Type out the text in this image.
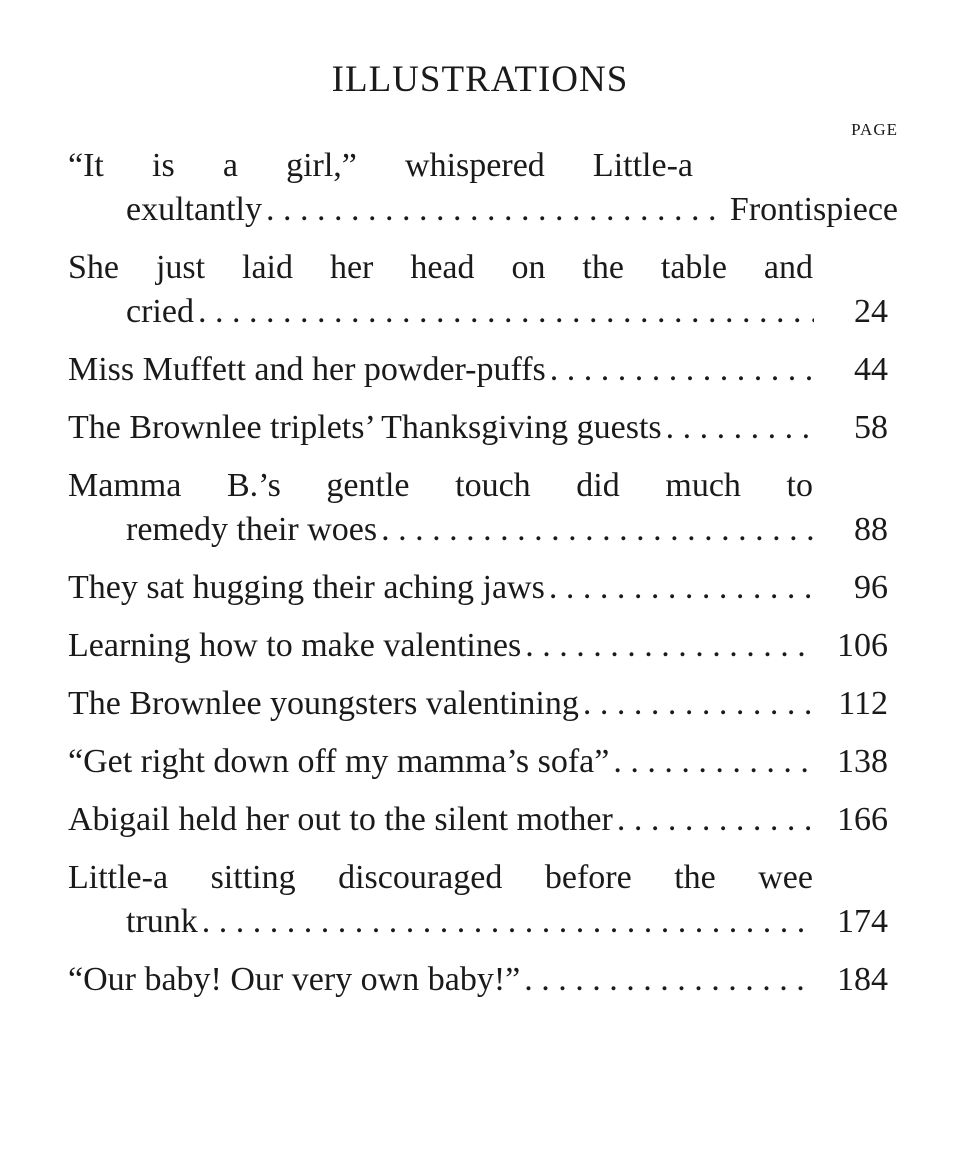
ILLUSTRATIONS
PAGE
“It is a girl,” whispered Little-a
exultantly . . .	Frontispiece
She just laid her head on the table and
cried . . .	24
Miss Muffett and her powder-puffs . . .	44
The Brownlee triplets’ Thanksgiving guests . . .	58
Mamma B.’s gentle touch did much to
remedy their woes . . .	88
They sat hugging their aching jaws . . .	96
Learning how to make valentines . . .	106
The Brownlee youngsters valentining . . .	112
“Get right down off my mamma’s sofa” . . .	138
Abigail held her out to the silent mother . . .	166
Little-a sitting discouraged before the wee
trunk . . .	174
“Our baby! Our very own baby!” . . .	184
